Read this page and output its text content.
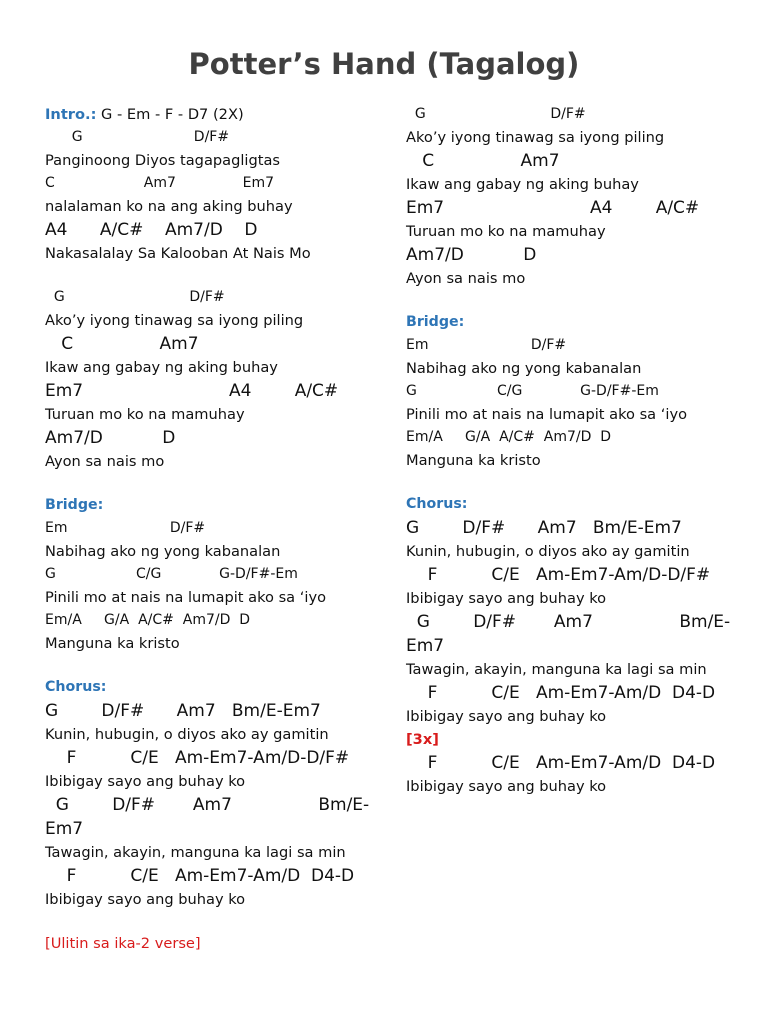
Potter’s Hand (Tagalog)
Intro.: G - Em - F - D7 (2X)
G                         D/F#
Panginoong Diyos tagapagligtas
C                    Am7               Em7
nalalaman ko na ang aking buhay
A4      A/C#    Am7/D    D
Nakasalalay Sa Kalooban At Nais Mo
G                            D/F#
Ako’y iyong tinawag sa iyong piling
C                Am7
Ikaw ang gabay ng aking buhay
Em7                           A4        A/C#
Turuan mo ko na mamuhay
Am7/D           D
Ayon sa nais mo
Bridge:
Em                       D/F#
Nabihag ako ng yong kabanalan
G                  C/G             G-D/F#-Em
Pinili mo at nais na lumapit ako sa ‘iyo
Em/A     G/A  A/C#  Am7/D  D
Manguna ka kristo
Chorus:
G        D/F#      Am7   Bm/E-Em7
Kunin, hubugin, o diyos ako ay gamitin
F          C/E   Am-Em7-Am/D-D/F#
Ibibigay sayo ang buhay ko
G        D/F#       Am7                Bm/E-
Em7
Tawagin, akayin, manguna ka lagi sa min
F          C/E   Am-Em7-Am/D  D4-D
Ibibigay sayo ang buhay ko
[Ulitin sa ika-2 verse]
G                            D/F#
Ako’y iyong tinawag sa iyong piling
C                Am7
Ikaw ang gabay ng aking buhay
Em7                           A4        A/C#
Turuan mo ko na mamuhay
Am7/D           D
Ayon sa nais mo
Bridge:
Em                       D/F#
Nabihag ako ng yong kabanalan
G                  C/G             G-D/F#-Em
Pinili mo at nais na lumapit ako sa ‘iyo
Em/A     G/A  A/C#  Am7/D  D
Manguna ka kristo
Chorus:
G        D/F#      Am7   Bm/E-Em7
Kunin, hubugin, o diyos ako ay gamitin
F          C/E   Am-Em7-Am/D-D/F#
Ibibigay sayo ang buhay ko
G        D/F#       Am7                Bm/E-
Em7
Tawagin, akayin, manguna ka lagi sa min
F          C/E   Am-Em7-Am/D  D4-D
Ibibigay sayo ang buhay ko
[3x]
F          C/E   Am-Em7-Am/D  D4-D
Ibibigay sayo ang buhay ko
